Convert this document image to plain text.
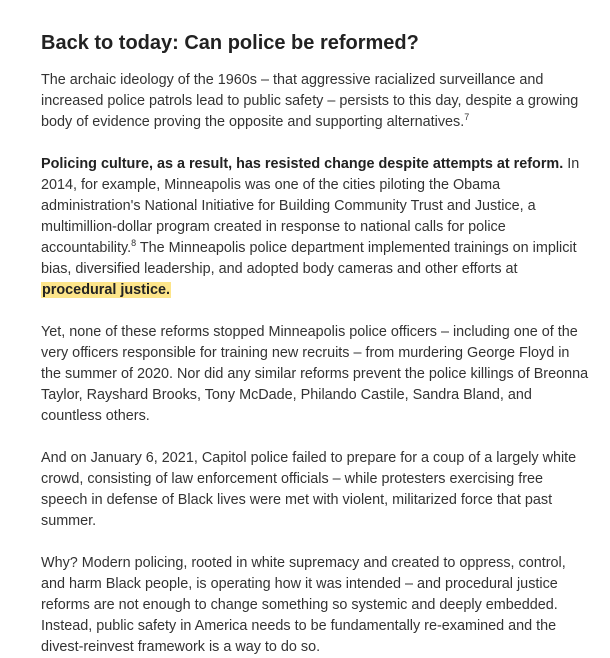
Back to today: Can police be reformed?

The archaic ideology of the 1960s – that aggressive racialized surveillance and increased police patrols lead to public safety – persists to this day, despite a growing body of evidence proving the opposite and supporting alternatives.$^7$

Policing culture, as a result, has resisted change despite attempts at reform. In 2014, for example, Minneapolis was one of the cities piloting the Obama administration's National Initiative for Building Community Trust and Justice, a multimillion-dollar program created in response to national calls for police accountability.$^8$ The Minneapolis police department implemented trainings on implicit bias, diversified leadership, and adopted body cameras and other efforts at procedural justice.

Yet, none of these reforms stopped Minneapolis police officers – including one of the very officers responsible for training new recruits – from murdering George Floyd in the summer of 2020. Nor did any similar reforms prevent the police killings of Breonna Taylor, Rayshard Brooks, Tony McDade, Philando Castile, Sandra Bland, and countless others.

And on January 6, 2021, Capitol police failed to prepare for a coup of a largely white crowd, consisting of law enforcement officials – while protesters exercising free speech in defense of Black lives were met with violent, militarized force that past summer.

Why? Modern policing, rooted in white supremacy and created to oppress, control, and harm Black people, is operating how it was intended – and procedural justice reforms are not enough to change something so systemic and deeply embedded. Instead, public safety in America needs to be fundamentally re-examined and the divest-reinvest framework is a way to do so.
